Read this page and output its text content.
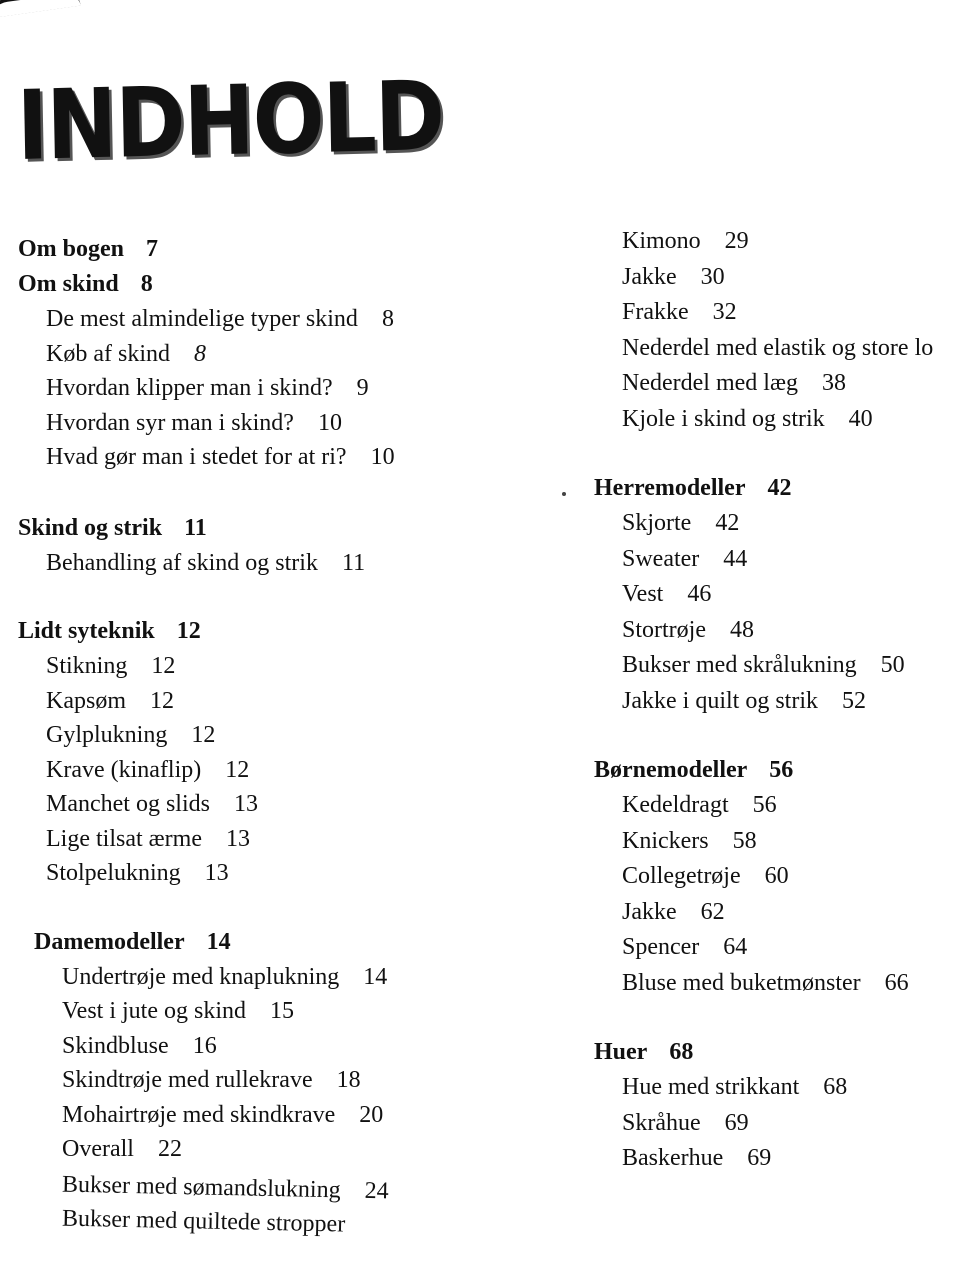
INDHOLD
Om bogen 7
Om skind 8
De mest almindelige typer skind 8
Køb af skind 8
Hvordan klipper man i skind? 9
Hvordan syr man i skind? 10
Hvad gør man i stedet for at ri? 10
Skind og strik 11
Behandling af skind og strik 11
Lidt syteknik 12
Stikning 12
Kapsøm 12
Gylplukning 12
Krave (kinaflip) 12
Manchet og slids 13
Lige tilsat ærme 13
Stolpelukning 13
Damemodeller 14
Undertrøje med knaplukning 14
Vest i jute og skind 15
Skindbluse 16
Skindtrøje med rullekrave 18
Mohairtrøje med skindkrave 20
Overall 22
Bukser med sømandslukning 24
Bukser med quiltede stropper
Kimono 29
Jakke 30
Frakke 32
Nederdel med elastik og store lo
Nederdel med læg 38
Kjole i skind og strik 40
Herremodeller 42
Skjorte 42
Sweater 44
Vest 46
Stortrøje 48
Bukser med skrålukning 50
Jakke i quilt og strik 52
Børnemodeller 56
Kedeldragt 56
Knickers 58
Collegetrøje 60
Jakke 62
Spencer 64
Bluse med buketmønster 66
Huer 68
Hue med strikkant 68
Skråhue 69
Baskerhue 69
